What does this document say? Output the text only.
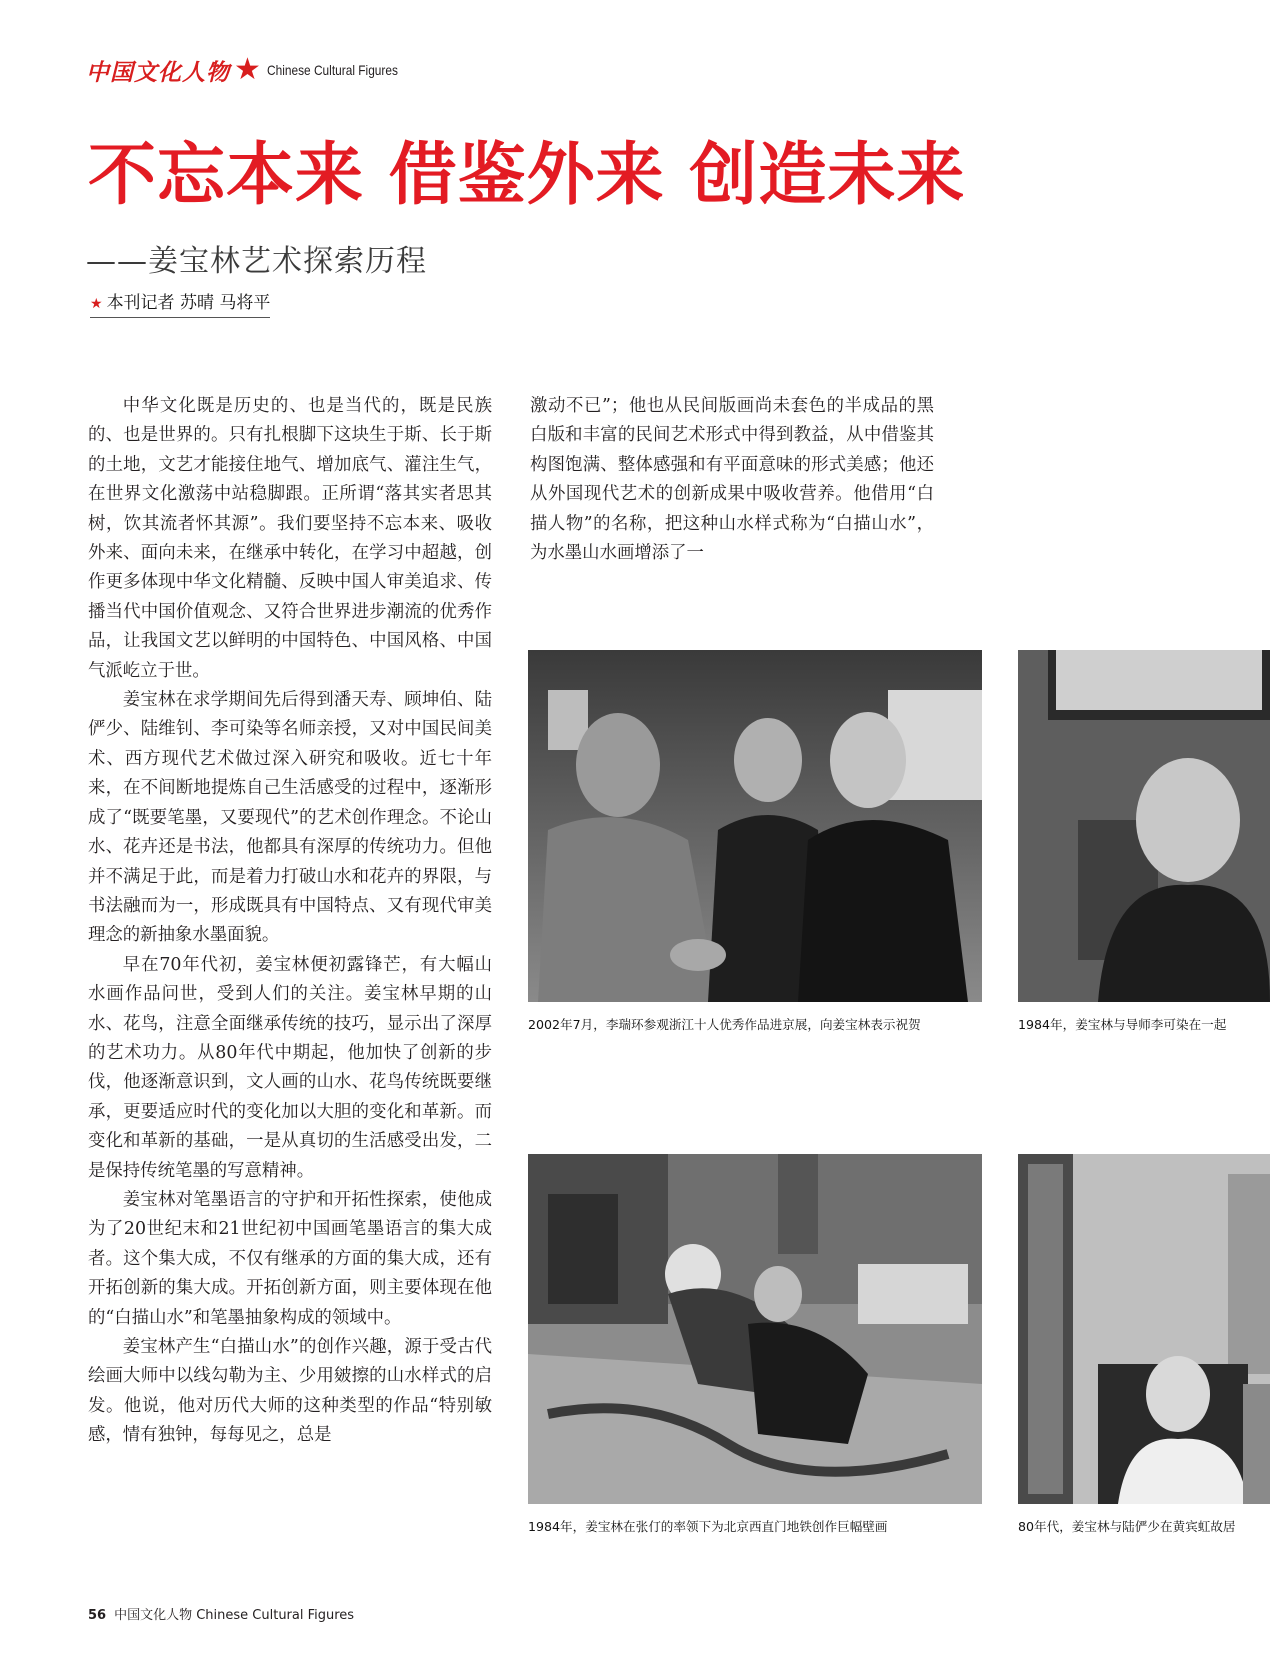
中国文化人物 ★ Chinese Cultural Figures
不忘本来 借鉴外来 创造未来
——姜宝林艺术探索历程
★ 本刊记者 苏晴 马将平

中华文化既是历史的、也是当代的，既是民族的、也是世界的。只有扎根脚下这块生于斯、长于斯的土地，文艺才能接住地气、增加底气、灌注生气，在世界文化激荡中站稳脚跟。正所谓“落其实者思其树，饮其流者怀其源”。我们要坚持不忘本来、吸收外来、面向未来，在继承中转化，在学习中超越，创作更多体现中华文化精髓、反映中国人审美追求、传播当代中国价值观念、又符合世界进步潮流的优秀作品，让我国文艺以鲜明的中国特色、中国风格、中国气派屹立于世。

姜宝林在求学期间先后得到潘天寿、顾坤伯、陆俨少、陆维钊、李可染等名师亲授，又对中国民间美术、西方现代艺术做过深入研究和吸收。近七十年来，在不间断地提炼自己生活感受的过程中，逐渐形成了“既要笔墨，又要现代”的艺术创作理念。不论山水、花卉还是书法，他都具有深厚的传统功力。但他并不满足于此，而是着力打破山水和花卉的界限，与书法融而为一，形成既具有中国特点、又有现代审美理念的新抽象水墨面貌。

早在70年代初，姜宝林便初露锋芒，有大幅山水画作品问世，受到人们的关注。姜宝林早期的山水、花鸟，注意全面继承传统的技巧，显示出了深厚的艺术功力。从80年代中期起，他加快了创新的步伐，他逐渐意识到，文人画的山水、花鸟传统既要继承，更要适应时代的变化加以大胆的变化和革新。而变化和革新的基础，一是从真切的生活感受出发，二是保持传统笔墨的写意精神。

姜宝林对笔墨语言的守护和开拓性探索，使他成为了20世纪末和21世纪初中国画笔墨语言的集大成者。这个集大成，不仅有继承的方面的集大成，还有开拓创新的集大成。开拓创新方面，则主要体现在他的“白描山水”和笔墨抽象构成的领域中。

姜宝林产生“白描山水”的创作兴趣，源于受古代绘画大师中以线勾勒为主、少用皴擦的山水样式的启发。他说，他对历代大师的这种类型的作品“特别敏感，情有独钟，每每见之，总是

激动不已”；他也从民间版画尚未套色的半成品的黑白版和丰富的民间艺术形式中得到教益，从中借鉴其构图饱满、整体感强和有平面意味的形式美感；他还从外国现代艺术的创新成果中吸收营养。他借用“白描人物”的名称，把这种山水样式称为“白描山水”，为水墨山水画增添了一

2002年7月，李瑞环参观浙江十人优秀作品进京展，向姜宝林表示祝贺	1984年，姜宝林与导师李可染在一起
1984年，姜宝林在张仃的率领下为北京西直门地铁创作巨幅壁画	80年代，姜宝林与陆俨少在黄宾虹故居
56 中国文化人物 Chinese Cultural Figures
